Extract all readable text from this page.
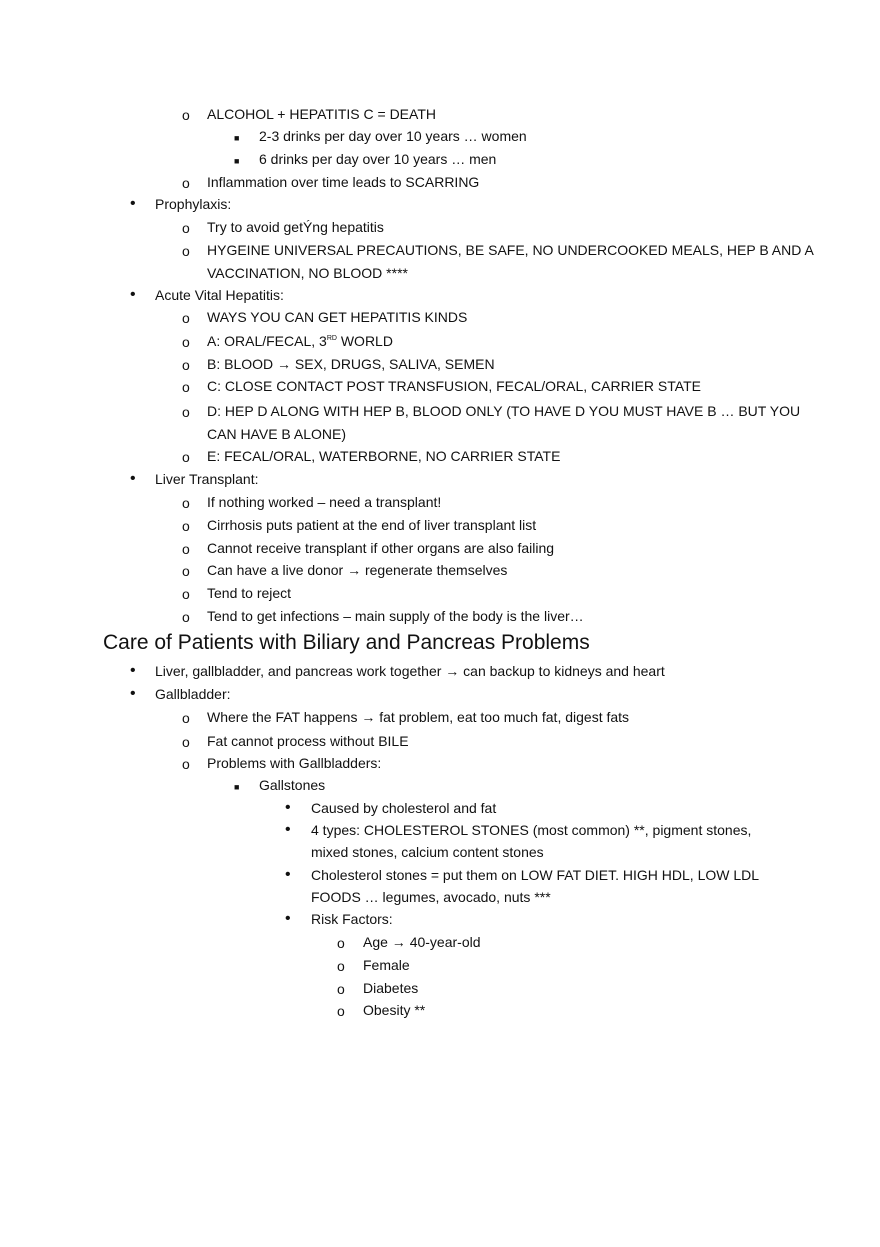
o ALCOHOL + HEPATITIS C = DEATH
■ 2-3 drinks per day over 10 years … women
■ 6 drinks per day over 10 years … men
o Inflammation over time leads to SCARRING
• Prophylaxis:
o Try to avoid getÝng hepatitis
o HYGEINE UNIVERSAL PRECAUTIONS, BE SAFE, NO UNDERCOOKED MEALS, HEP B AND A
VACCINATION, NO BLOOD ****
• Acute Vital Hepatitis:
o WAYS YOU CAN GET HEPATITIS KINDS
o A: ORAL/FECAL, 3RD WORLD
o B: BLOOD → SEX, DRUGS, SALIVA, SEMEN
o C: CLOSE CONTACT POST TRANSFUSION, FECAL/ORAL, CARRIER STATE
o D: HEP D ALONG WITH HEP B, BLOOD ONLY (TO HAVE D YOU MUST HAVE B … BUT YOU
CAN HAVE B ALONE)
o E: FECAL/ORAL, WATERBORNE, NO CARRIER STATE
• Liver Transplant:
o If nothing worked – need a transplant!
o Cirrhosis puts patient at the end of liver transplant list
o Cannot receive transplant if other organs are also failing
o Can have a live donor → regenerate themselves
o Tend to reject
o Tend to get infections – main supply of the body is the liver…
Care of Patients with Biliary and Pancreas Problems
• Liver, gallbladder, and pancreas work together → can backup to kidneys and heart
• Gallbladder:
o Where the FAT happens → fat problem, eat too much fat, digest fats
o Fat cannot process without BILE
o Problems with Gallbladders:
■ Gallstones
• Caused by cholesterol and fat
• 4 types: CHOLESTEROL STONES (most common) **, pigment stones,
mixed stones, calcium content stones
• Cholesterol stones = put them on LOW FAT DIET. HIGH HDL, LOW LDL
FOODS … legumes, avocado, nuts ***
• Risk Factors:
o Age → 40-year-old
o Female
o Diabetes
o Obesity **
